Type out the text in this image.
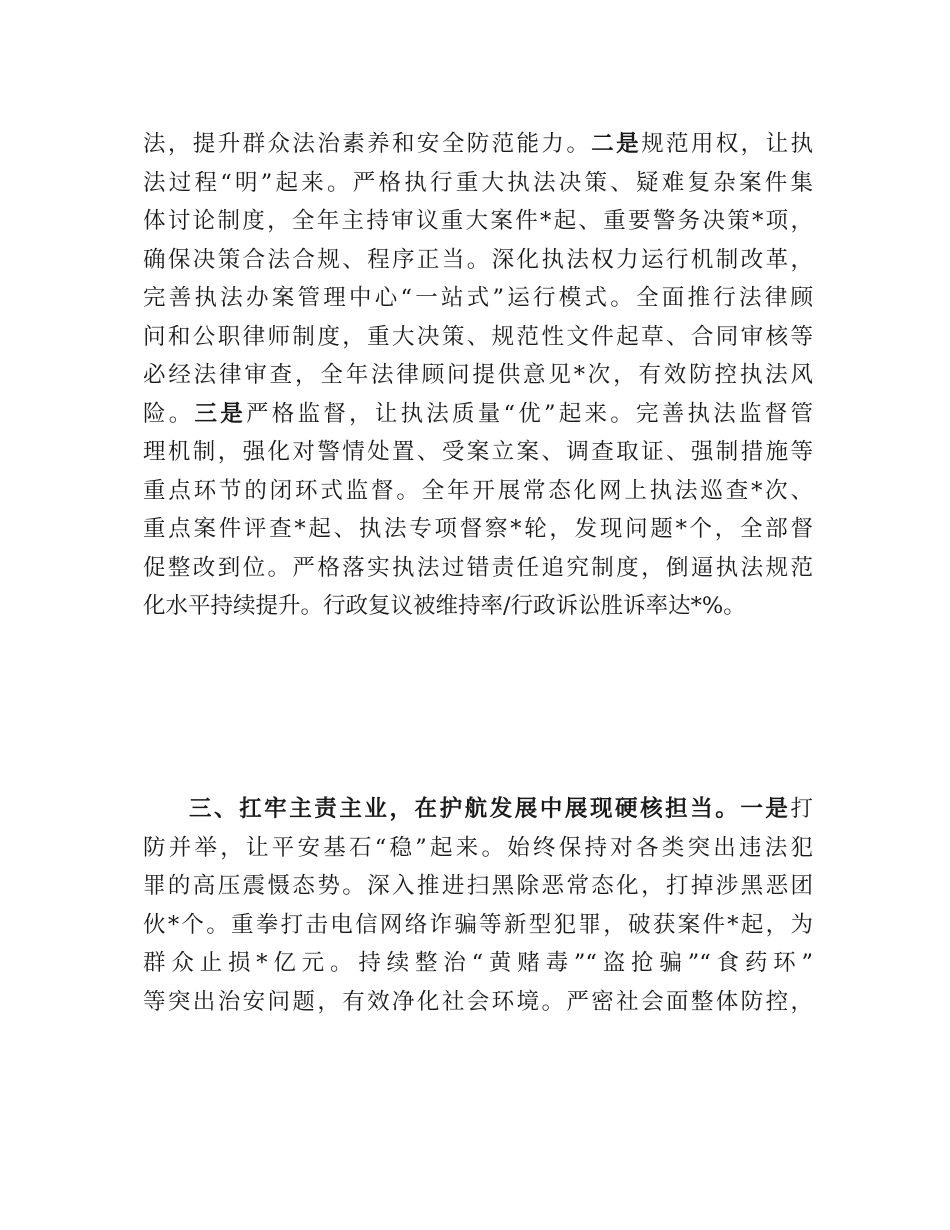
法，提升群众法治素养和安全防范能力。二是规范用权，让执
法过程“明”起来。严格执行重大执法决策、疑难复杂案件集
体讨论制度，全年主持审议重大案件*起、重要警务决策*项，
确保决策合法合规、程序正当。深化执法权力运行机制改革，
完善执法办案管理中心“一站式”运行模式。全面推行法律顾
问和公职律师制度，重大决策、规范性文件起草、合同审核等
必经法律审查，全年法律顾问提供意见*次，有效防控执法风
险。三是严格监督，让执法质量“优”起来。完善执法监督管
理机制，强化对警情处置、受案立案、调查取证、强制措施等
重点环节的闭环式监督。全年开展常态化网上执法巡查*次、
重点案件评查*起、执法专项督察*轮，发现问题*个，全部督
促整改到位。严格落实执法过错责任追究制度，倒逼执法规范
化水平持续提升。行政复议被维持率/行政诉讼胜诉率达*%。
三、扛牢主责主业，在护航发展中展现硬核担当。一是打
防并举，让平安基石“稳”起来。始终保持对各类突出违法犯
罪的高压震慑态势。深入推进扫黑除恶常态化，打掉涉黑恶团
伙*个。重拳打击电信网络诈骗等新型犯罪，破获案件*起，为
群众止损*亿元。持续整治“黄赌毒”“盗抢骗”“食药环”
等突出治安问题，有效净化社会环境。严密社会面整体防控，
